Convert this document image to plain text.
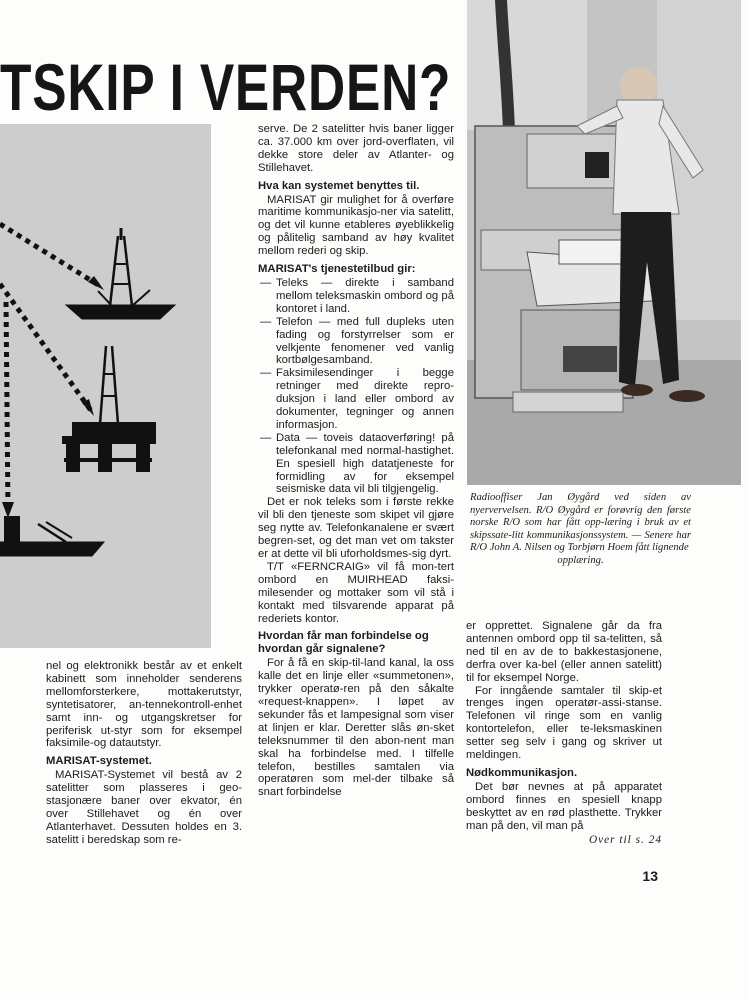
TSKIP I VERDEN?
Radiooffiser Jan Øygård ved siden av nyervervelsen. R/O Øygård er forøvrig den første norske R/O som har fått opp-læring i bruk av et skipssate-litt kommunikasjonssystem. — Senere har R/O John A. Nilsen og Torbjørn Hoem fått lignende
opplæring.

nel og elektronikk består av et enkelt kabinett som inneholder senderens mellomforsterkere, mottakerutstyr, syntetisatorer, an-tennekontroll-enhet samt inn- og utgangskretser for periferisk ut-styr som for eksempel faksimile-og datautstyr.

MARISAT-systemet.

MARISAT-Systemet vil bestå av 2 satelitter som plasseres i geo-stasjonære baner over ekvator, én over Stillehavet og én over Atlanterhavet. Dessuten holdes en 3. satelitt i beredskap som re-

serve. De 2 satelitter hvis baner ligger ca. 37.000 km over jord-overflaten, vil dekke store deler av Atlanter- og Stillehavet.

Hva kan systemet benyttes til.

MARISAT gir mulighet for å overføre maritime kommunikasjo-ner via satelitt, og det vil kunne etableres øyeblikkelig og pålitelig samband av høy kvalitet mellom rederi og skip.

MARISAT's tjenestetilbud gir:
— Teleks — direkte i samband mellom teleksmaskin ombord og på kontoret i land.
— Telefon — med full dupleks uten fading og forstyrrelser som er velkjente fenomener ved vanlig kortbølgesamband.
— Faksimilesendinger i begge retninger med direkte repro-duksjon i land eller ombord av dokumenter, tegninger og annen informasjon.
— Data — toveis dataoverføring! på telefonkanal med normal-hastighet. En spesiell high datatjeneste for formidling av for eksempel seismiske data vil bli tilgjengelig.

Det er nok teleks som i første rekke vil bli den tjeneste som skipet vil gjøre seg nytte av. Telefonkanalene er svært begren-set, og det man vet om takster er at dette vil bli uforholdsmes-sig dyrt.

T/T «FERNCRAIG» vil få mon-tert ombord en MUIRHEAD faksi-milesender og mottaker som vil stå i kontakt med tilsvarende apparat på rederiets kontor.

Hvordan får man forbindelse og hvordan går signalene?

For å få en skip-til-land kanal, la oss kalle det en linje eller «summetonen», trykker operatø-ren på den såkalte «request-knappen». I løpet av sekunder fås et lampesignal som viser at linjen er klar. Deretter slås øn-sket teleksnummer til den abon-nent man skal ha forbindelse med. I tilfelle telefon, bestilles samtalen via operatøren som mel-der tilbake så snart forbindelse

er opprettet. Signalene går da fra antennen ombord opp til sa-telitten, så ned til en av de to bakkestasjonene, derfra over ka-bel (eller annen satelitt) til for eksempel Norge.

For inngående samtaler til skip-et trenges ingen operatør-assi-stanse. Telefonen vil ringe som en vanlig kontortelefon, eller te-leksmaskinen setter seg selv i gang og skriver ut meldingen.

Nødkommunikasjon.

Det bør nevnes at på apparatet ombord finnes en spesiell knapp beskyttet av en rød plasthette. Trykker man på den, vil man på

Over til s. 24
13
